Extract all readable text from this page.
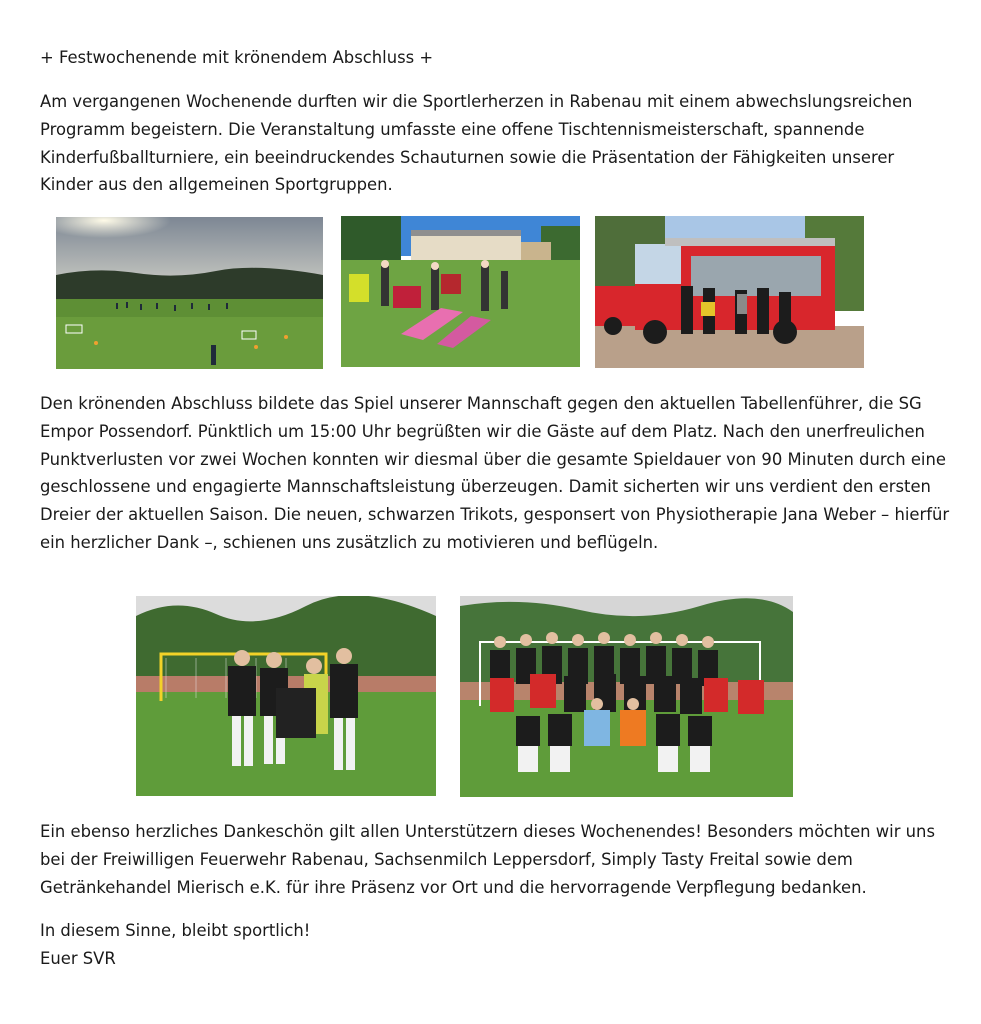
+ Festwochenende mit krönendem Abschluss +

Am vergangenen Wochenende durften wir die Sportlerherzen in Rabenau mit einem abwechslungsreichen Programm begeistern. Die Veranstaltung umfasste eine offene Tischtennismeisterschaft, spannende Kinderfußballturniere, ein beeindruckendes Schauturnen sowie die Präsentation der Fähigkeiten unserer Kinder aus den allgemeinen Sportgruppen.

Den krönenden Abschluss bildete das Spiel unserer Mannschaft gegen den aktuellen Tabellenführer, die SG Empor Possendorf. Pünktlich um 15:00 Uhr begrüßten wir die Gäste auf dem Platz. Nach den unerfreulichen Punktverlusten vor zwei Wochen konnten wir diesmal über die gesamte Spieldauer von 90 Minuten durch eine geschlossene und engagierte Mannschaftsleistung überzeugen. Damit sicherten wir uns verdient den ersten Dreier der aktuellen Saison. Die neuen, schwarzen Trikots, gesponsert von Physiotherapie Jana Weber – hierfür ein herzlicher Dank –, schienen uns zusätzlich zu motivieren und beflügeln.

Ein ebenso herzliches Dankeschön gilt allen Unterstützern dieses Wochenendes! Besonders möchten wir uns bei der Freiwilligen Feuerwehr Rabenau, Sachsenmilch Leppersdorf, Simply Tasty Freital sowie dem Getränkehandel Mierisch e.K. für ihre Präsenz vor Ort und die hervorragende Verpflegung bedanken.

In diesem Sinne, bleibt sportlich!
Euer SVR
